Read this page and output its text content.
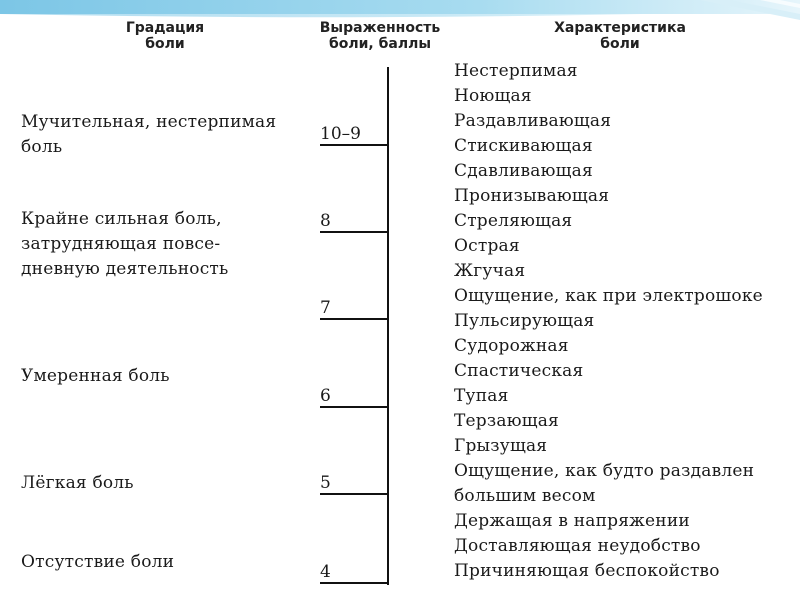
Градация
боли
Выраженность
боли, баллы
Характеристика
боли
Мучительная, нестерпимая
боль
Крайне сильная боль,
затрудняющая повсе-
дневную деятельность
Умеренная боль
Лёгкая боль
Отсутствие боли
10–9
8
7
6
5
4
Нестерпимая
Ноющая
Раздавливающая
Стискивающая
Сдавливающая
Пронизывающая
Стреляющая
Острая
Жгучая
Ощущение, как при электрошоке
Пульсирующая
Судорожная
Спастическая
Тупая
Терзающая
Грызущая
Ощущение, как будто раздавлен
большим весом
Держащая в напряжении
Доставляющая неудобство
Причиняющая беспокойство
